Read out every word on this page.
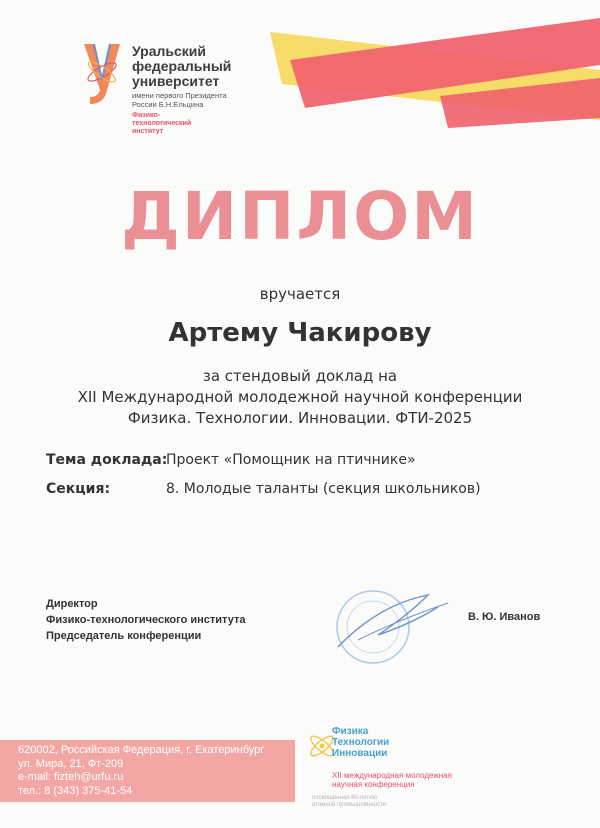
Уральский
федеральный
университет
имени первого Президента
России Б.Н.Ельцина
Физико-
технологический
институт
ДИПЛОМ
вручается
Артему Чакирову
за стендовый доклад на
XII Международной молодежной научной конференции
Физика. Технологии. Инновации. ФТИ-2025
Тема доклада:
Проект «Помощник на птичнике»
Секция:	8. Молодые таланты (секция школьников)
Директор
Физико-технологического института
Председатель конференции
В. Ю. Иванов
620002, Российская Федерация, г. Екатеринбург
ул. Мира, 21, Фт-209
e-mail: fizteh@urfu.ru
тел.: 8 (343) 375-41-54
Физика
Технологии
Инновации
XII международная молодежная
научная конференция
посвященная 80-летию
атомной промышленности
